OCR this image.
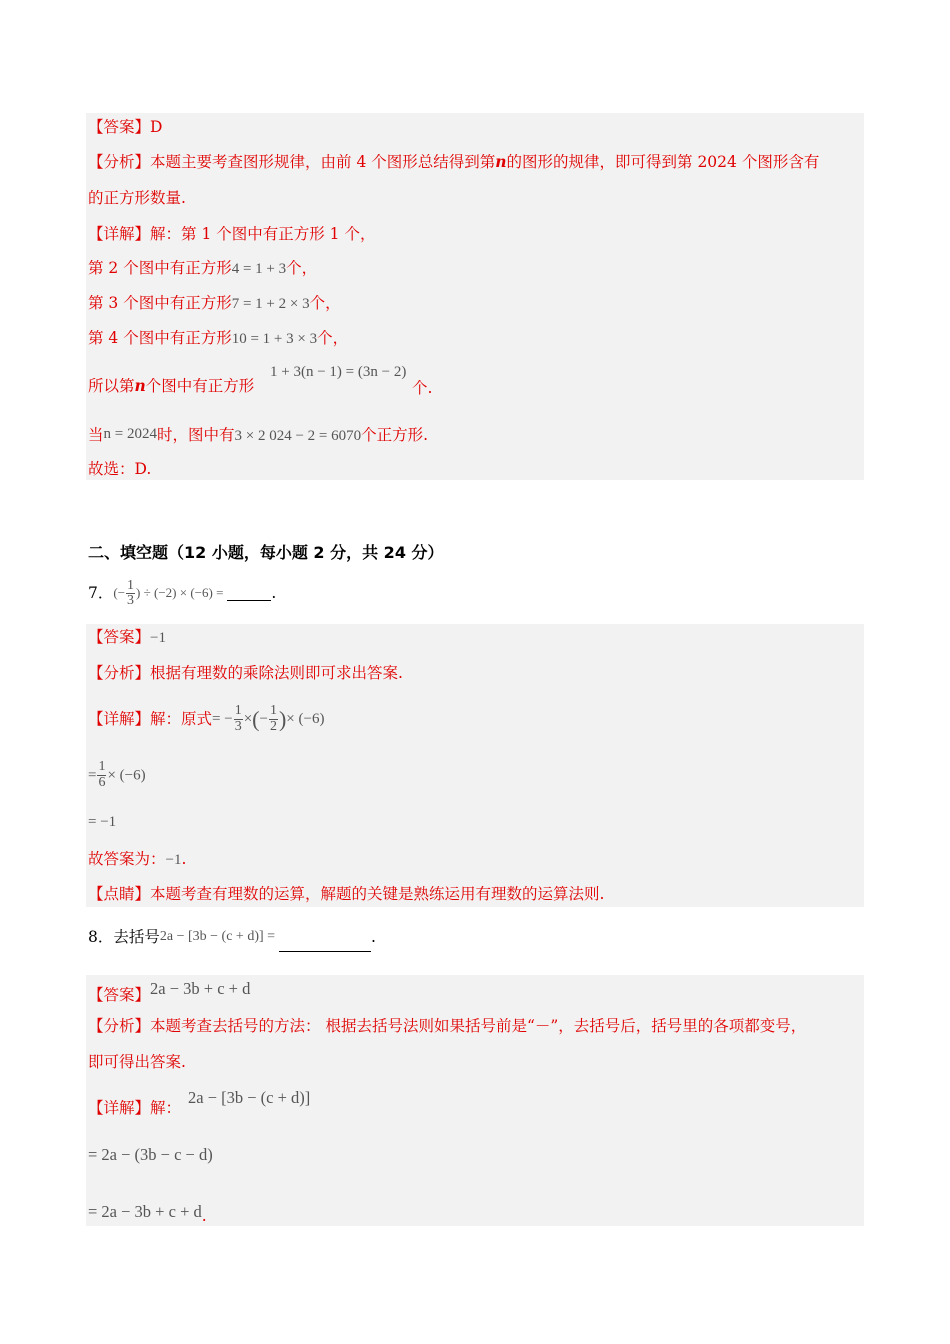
【答案】D
【分析】本题主要考查图形规律，由前 4 个图形总结得到第n的图形的规律，即可得到第 2024 个图形含有
的正方形数量.
【详解】解：第 1 个图中有正方形 1 个，
第 2 个图中有正方形4 = 1 + 3个，
第 3 个图中有正方形7 = 1 + 2 × 3个，
第 4 个图中有正方形10 = 1 + 3 × 3个，
所以第n个图中有正方形
1 + 3(n − 1) = (3n − 2)
个.
当n = 2024时，图中有3 × 2 024 − 2 = 6070个正方形.
故选：D.
二、填空题（12 小题，每小题 2 分，共 24 分）
7．(− $\frac{1}{3}$ ) ÷ (−2) × (−6) =	.
【答案】−1
【分析】根据有理数的乘除法则即可求出答案.
【详解】解：原式= − $\frac{1}{3}$ ×(− $\frac{1}{2}$ )× (−6)
= $\frac{1}{6} \times (-6)$
= −1
故答案为：−1.
【点睛】本题考查有理数的运算，解题的关键是熟练运用有理数的运算法则.
8．去括号2a − [3b − (c + d)] =	.
【答案】2a − 3b + c + d
【分析】本题考查去括号的方法： 根据去括号法则如果括号前是“－”，去括号后，括号里的各项都变号，
即可得出答案.
【详解】解：
2a − [3b − (c + d)]
= 2a − (3b − c − d)
= 2a − 3b + c + d.
